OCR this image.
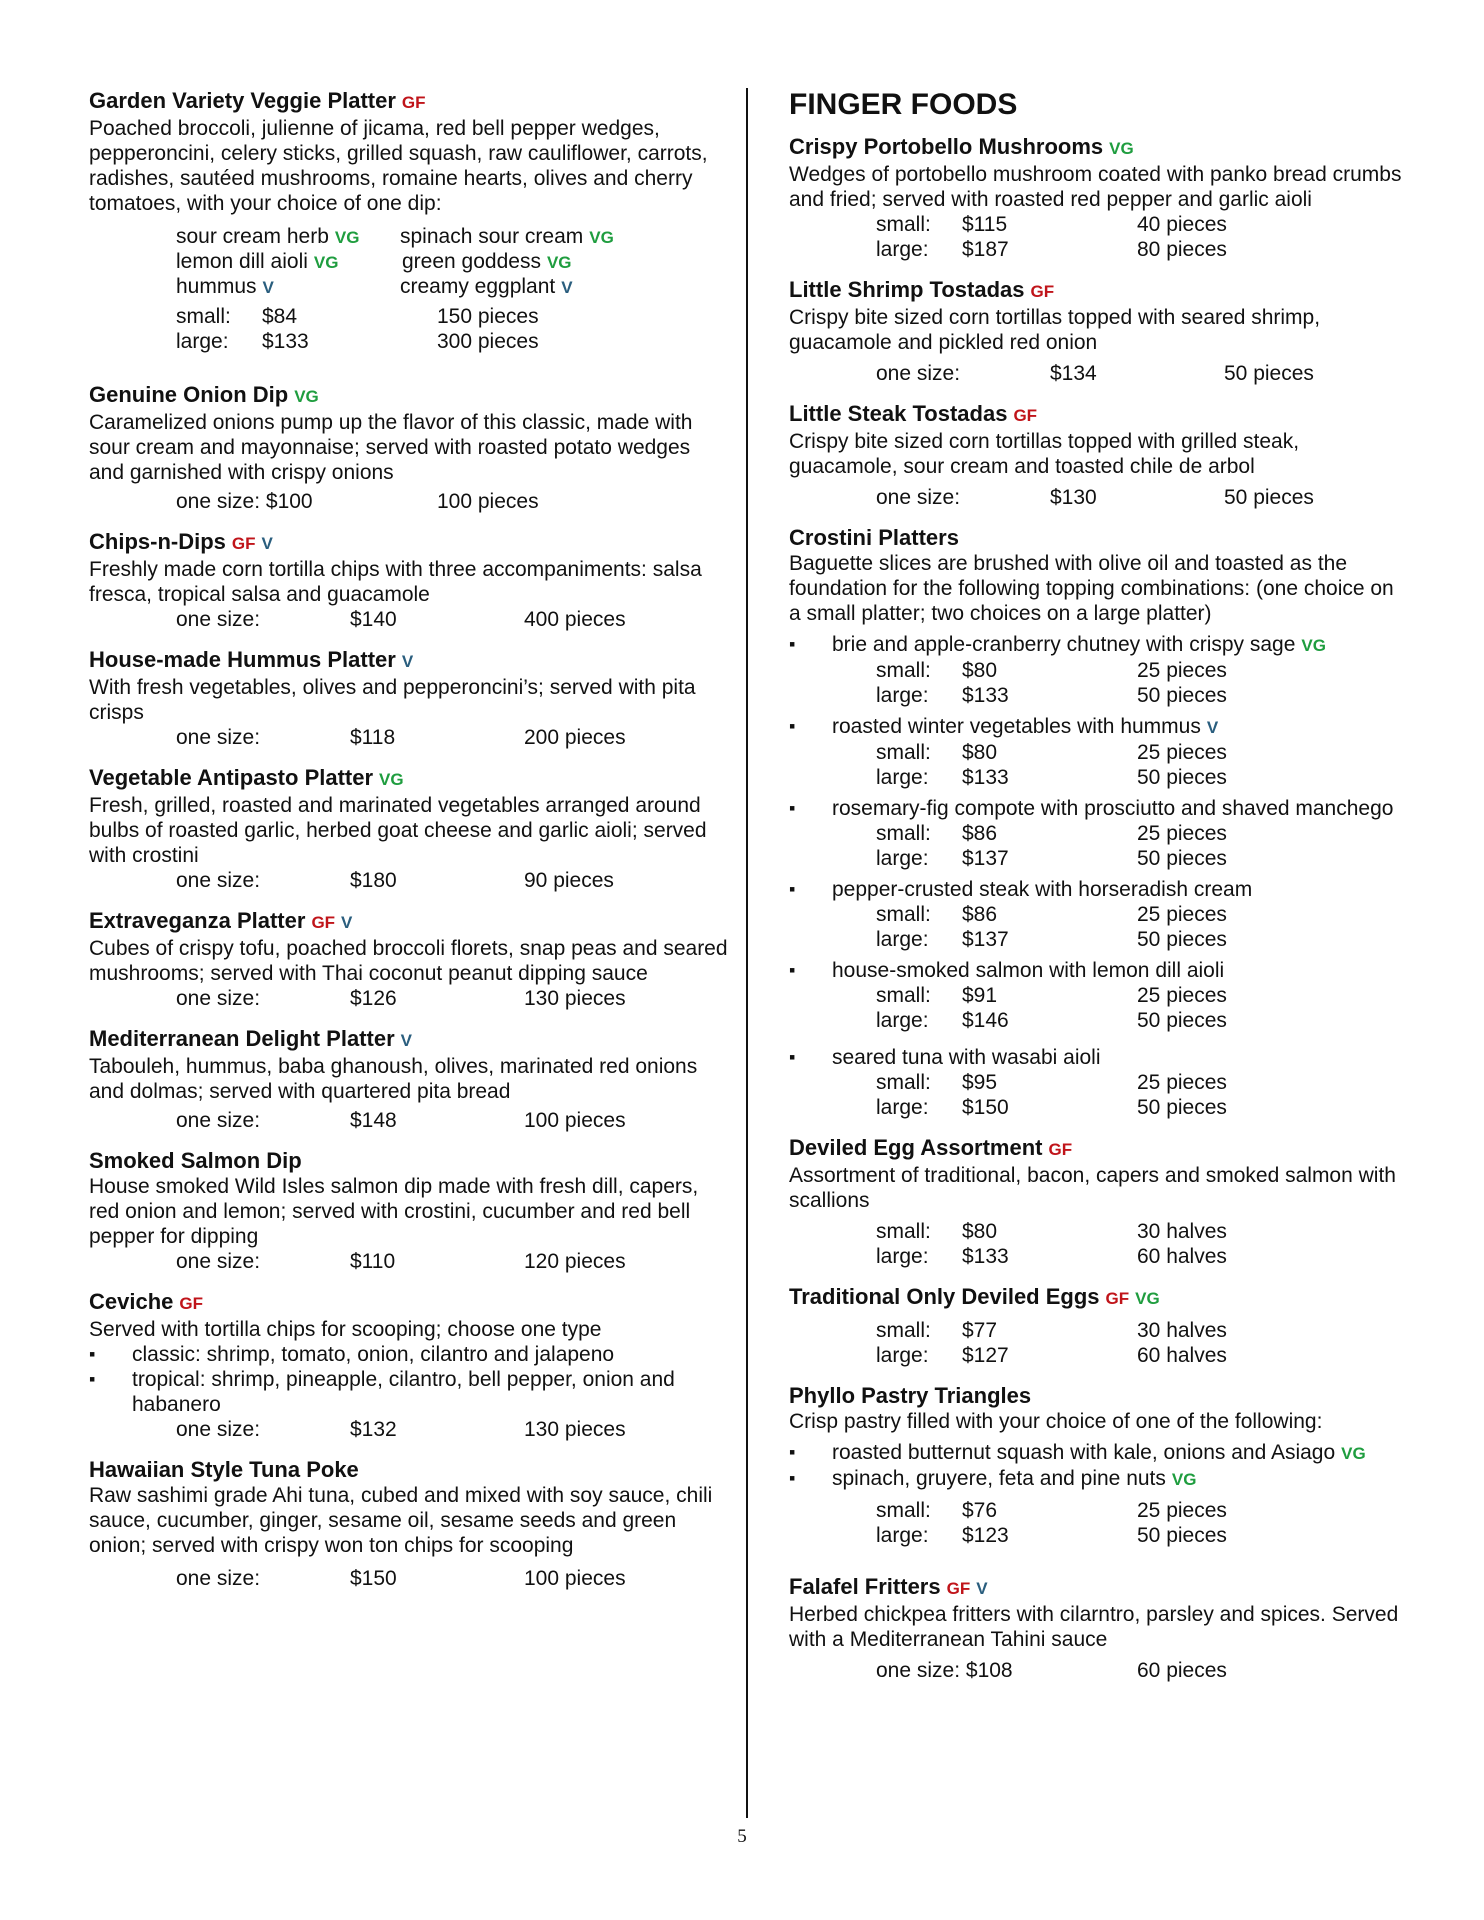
Garden Variety Veggie Platter GF
Poached broccoli, julienne of jicama, red bell pepper wedges, pepperoncini, celery sticks, grilled squash, raw cauliflower, carrots, radishes, sautéed mushrooms, romaine hearts, olives and cherry tomatoes, with your choice of one dip:
sour cream herb VG spinach sour cream VG
lemon dill aioli VG	green goddess VG
hummus V	creamy eggplant V
small: $84	150 pieces
large: $133	300 pieces
Genuine Onion Dip VG
Caramelized onions pump up the flavor of this classic, made with sour cream and mayonnaise; served with roasted potato wedges and garnished with crispy onions
one size: $100	100 pieces
Chips-n-Dips GF V
Freshly made corn tortilla chips with three accompaniments: salsa fresca, tropical salsa and guacamole
one size:	$140	400 pieces
House-made Hummus Platter V
With fresh vegetables, olives and pepperoncini’s; served with pita crisps
one size:	$118	200 pieces
Vegetable Antipasto Platter VG
Fresh, grilled, roasted and marinated vegetables arranged around bulbs of roasted garlic, herbed goat cheese and garlic aioli; served with crostini
one size:	$180	90 pieces
Extraveganza Platter GF V
Cubes of crispy tofu, poached broccoli florets, snap peas and seared mushrooms; served with Thai coconut peanut dipping sauce
one size:	$126	130 pieces
Mediterranean Delight Platter V
Tabouleh, hummus, baba ghanoush, olives, marinated red onions and dolmas; served with quartered pita bread
one size:	$148	100 pieces
Smoked Salmon Dip
House smoked Wild Isles salmon dip made with fresh dill, capers, red onion and lemon; served with crostini, cucumber and red bell pepper for dipping
one size:	$110	120 pieces
Ceviche GF
Served with tortilla chips for scooping; choose one type
▪ classic: shrimp, tomato, onion, cilantro and jalapeno
▪ tropical: shrimp, pineapple, cilantro, bell pepper, onion and habanero
one size:	$132	130 pieces
Hawaiian Style Tuna Poke
Raw sashimi grade Ahi tuna, cubed and mixed with soy sauce, chili sauce, cucumber, ginger, sesame oil, sesame seeds and green onion; served with crispy won ton chips for scooping
one size:	$150	100 pieces
FINGER FOODS
Crispy Portobello Mushrooms VG
Wedges of portobello mushroom coated with panko bread crumbs and fried; served with roasted red pepper and garlic aioli
small: $115	40 pieces
large: $187	80 pieces
Little Shrimp Tostadas GF
Crispy bite sized corn tortillas topped with seared shrimp, guacamole and pickled red onion
one size:	$134	50 pieces
Little Steak Tostadas GF
Crispy bite sized corn tortillas topped with grilled steak, guacamole, sour cream and toasted chile de arbol
one size:	$130	50 pieces
Crostini Platters
Baguette slices are brushed with olive oil and toasted as the foundation for the following topping combinations: (one choice on a small platter; two choices on a large platter)
▪ brie and apple-cranberry chutney with crispy sage VG
small: $80	25 pieces
large: $133	50 pieces
▪ roasted winter vegetables with hummus V
small: $80	25 pieces
large: $133	50 pieces
▪ rosemary-fig compote with prosciutto and shaved manchego
small: $86	25 pieces
large: $137	50 pieces
▪ pepper-crusted steak with horseradish cream
small: $86	25 pieces
large: $137	50 pieces
▪ house-smoked salmon with lemon dill aioli
small: $91	25 pieces
large: $146	50 pieces
▪ seared tuna with wasabi aioli
small: $95	25 pieces
large: $150	50 pieces
Deviled Egg Assortment GF
Assortment of traditional, bacon, capers and smoked salmon with scallions
small: $80	30 halves
large: $133	60 halves
Traditional Only Deviled Eggs GF VG
small: $77	30 halves
large: $127	60 halves
Phyllo Pastry Triangles
Crisp pastry filled with your choice of one of the following:
▪ roasted butternut squash with kale, onions and Asiago VG
▪ spinach, gruyere, feta and pine nuts VG
small: $76	25 pieces
large: $123	50 pieces
Falafel Fritters GF V
Herbed chickpea fritters with cilarntro, parsley and spices. Served with a Mediterranean Tahini sauce
one size: $108	60 pieces
5
